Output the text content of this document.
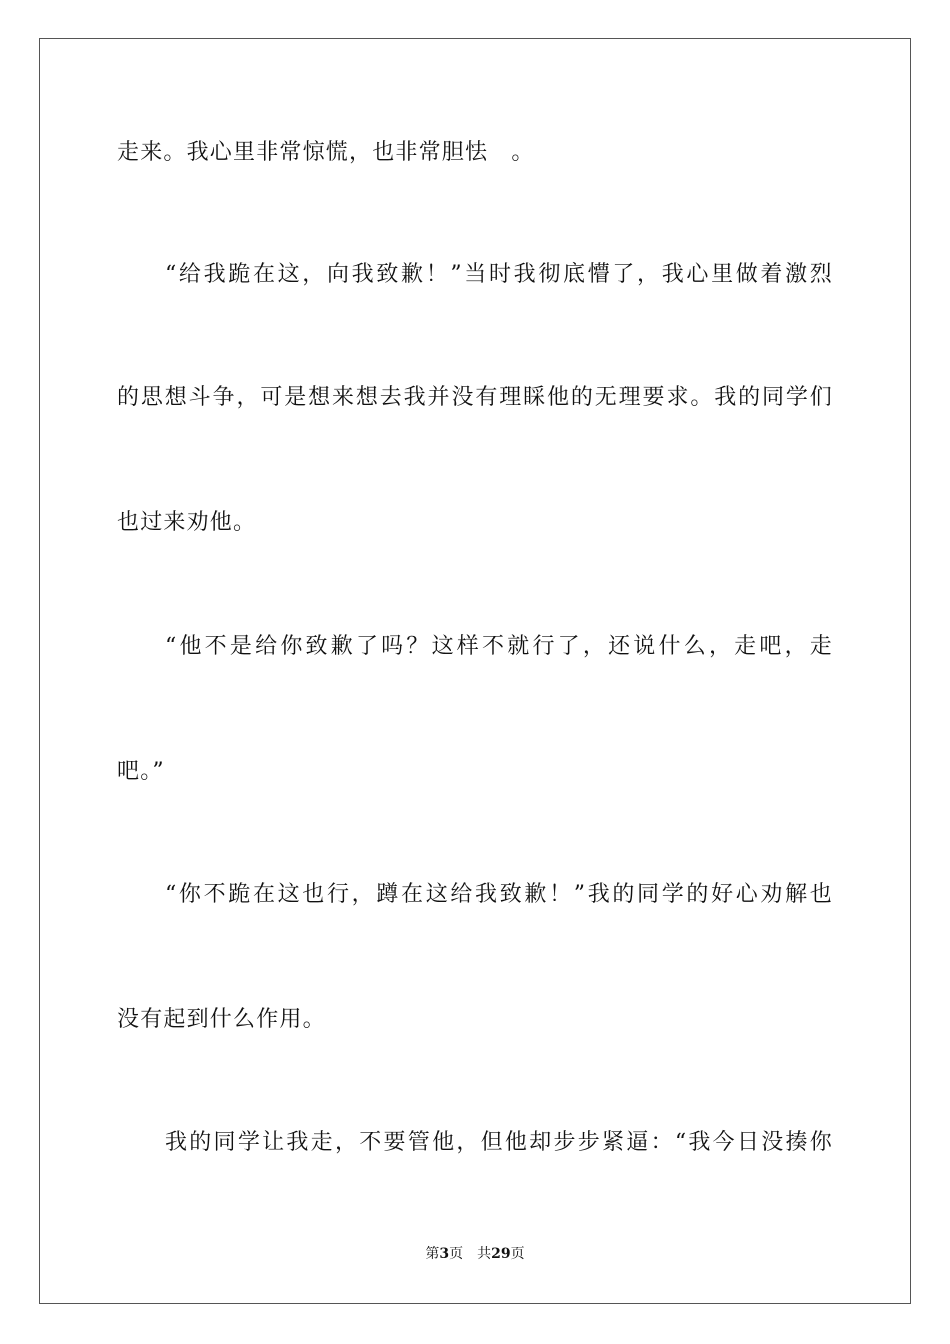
走来。我心里非常惊慌，也非常胆怯　。
“给我跪在这，向我致歉！”当时我彻底懵了，我心里做着激烈
的思想斗争，可是想来想去我并没有理睬他的无理要求。我的同学们
也过来劝他。
“他不是给你致歉了吗？这样不就行了，还说什么，走吧，走
吧。”
“你不跪在这也行，蹲在这给我致歉！”我的同学的好心劝解也
没有起到什么作用。
我的同学让我走，不要管他，但他却步步紧逼：“我今日没揍你
第3页 共29页
